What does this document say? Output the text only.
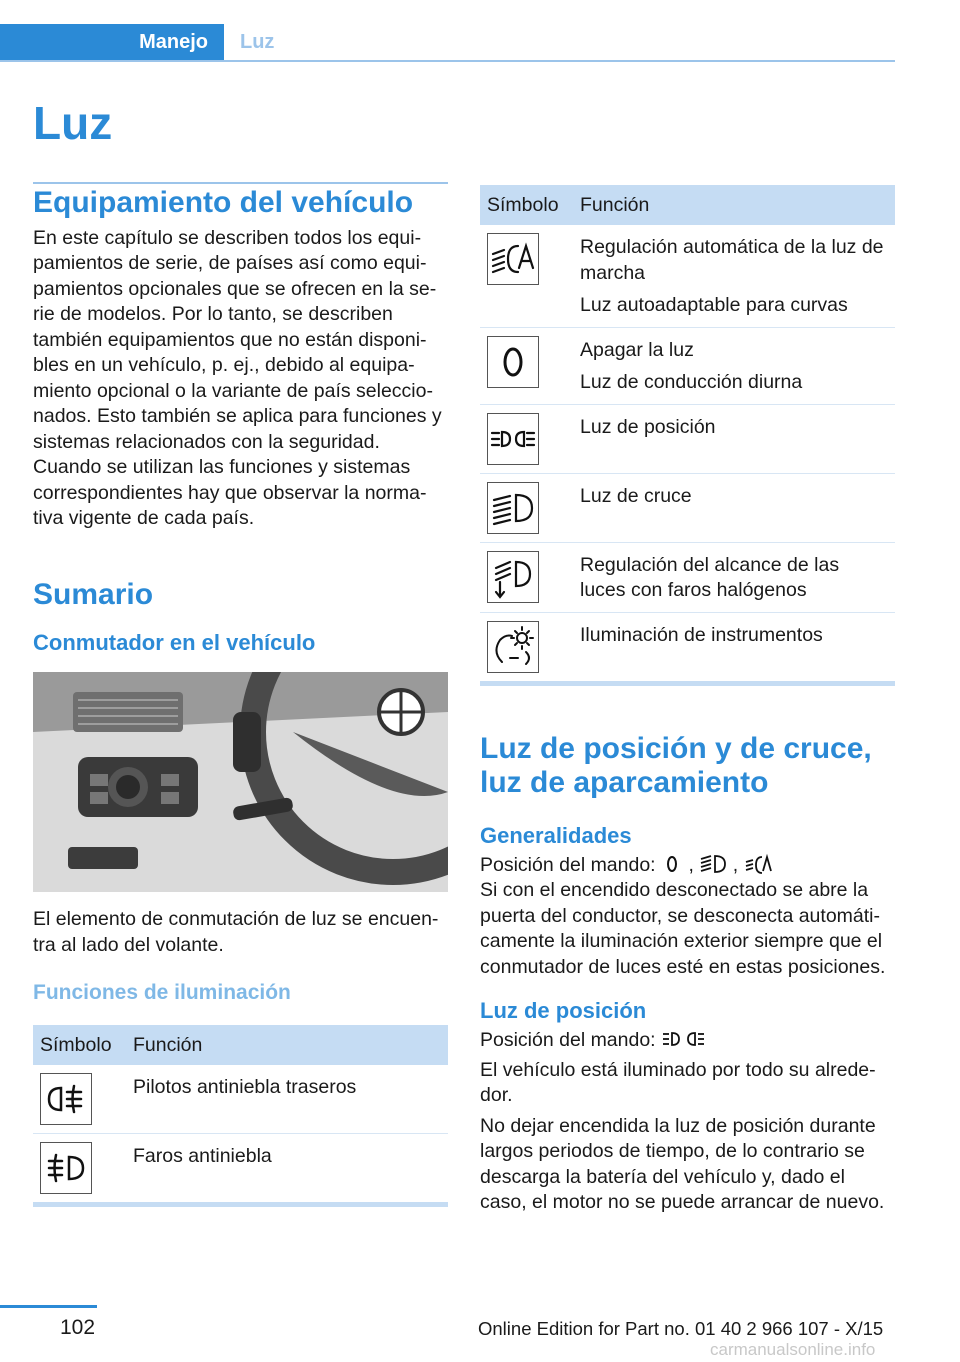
Manejo	Luz
Luz
Equipamiento del vehículo

En este capítulo se describen todos los equipamientos de serie, de países así como equipamientos opcionales que se ofrecen en la serie de modelos. Por lo tanto, se describen también equipamientos que no están disponibles en un vehículo, p. ej., debido al equipamiento opcional o la variante de país seleccionados. Esto también se aplica para funciones y sistemas relacionados con la seguridad. Cuando se utilizan las funciones y sistemas correspondientes hay que observar la normativa vigente de cada país.

Sumario
Conmutador en el vehículo

El elemento de conmutación de luz se encuentra al lado del volante.

Funciones de iluminación
Símbolo	Función

	Pilotos antiniebla traseros

	Faros antiniebla
Símbolo	Función

Regulación automática de la luz de marcha
Luz autoadaptable para curvas

Apagar la luz
Luz de conducción diurna

Luz de posición

Luz de cruce

Regulación del alcance de las luces con faros halógenos

Iluminación de instrumentos
Luz de posición y de cruce, luz de aparcamiento
Generalidades

Posición del mando: , ,

Si con el encendido desconectado se abre la puerta del conductor, se desconecta automáticamente la iluminación exterior siempre que el conmutador de luces esté en estas posiciones.

Luz de posición

Posición del mando:

El vehículo está iluminado por todo su alrededor.

No dejar encendida la luz de posición durante largos periodos de tiempo, de lo contrario se descarga la batería del vehículo y, dado el caso, el motor no se puede arrancar de nuevo.

102	Online Edition for Part no. 01 40 2 966 107 - X/15
carmanualsonline.info
